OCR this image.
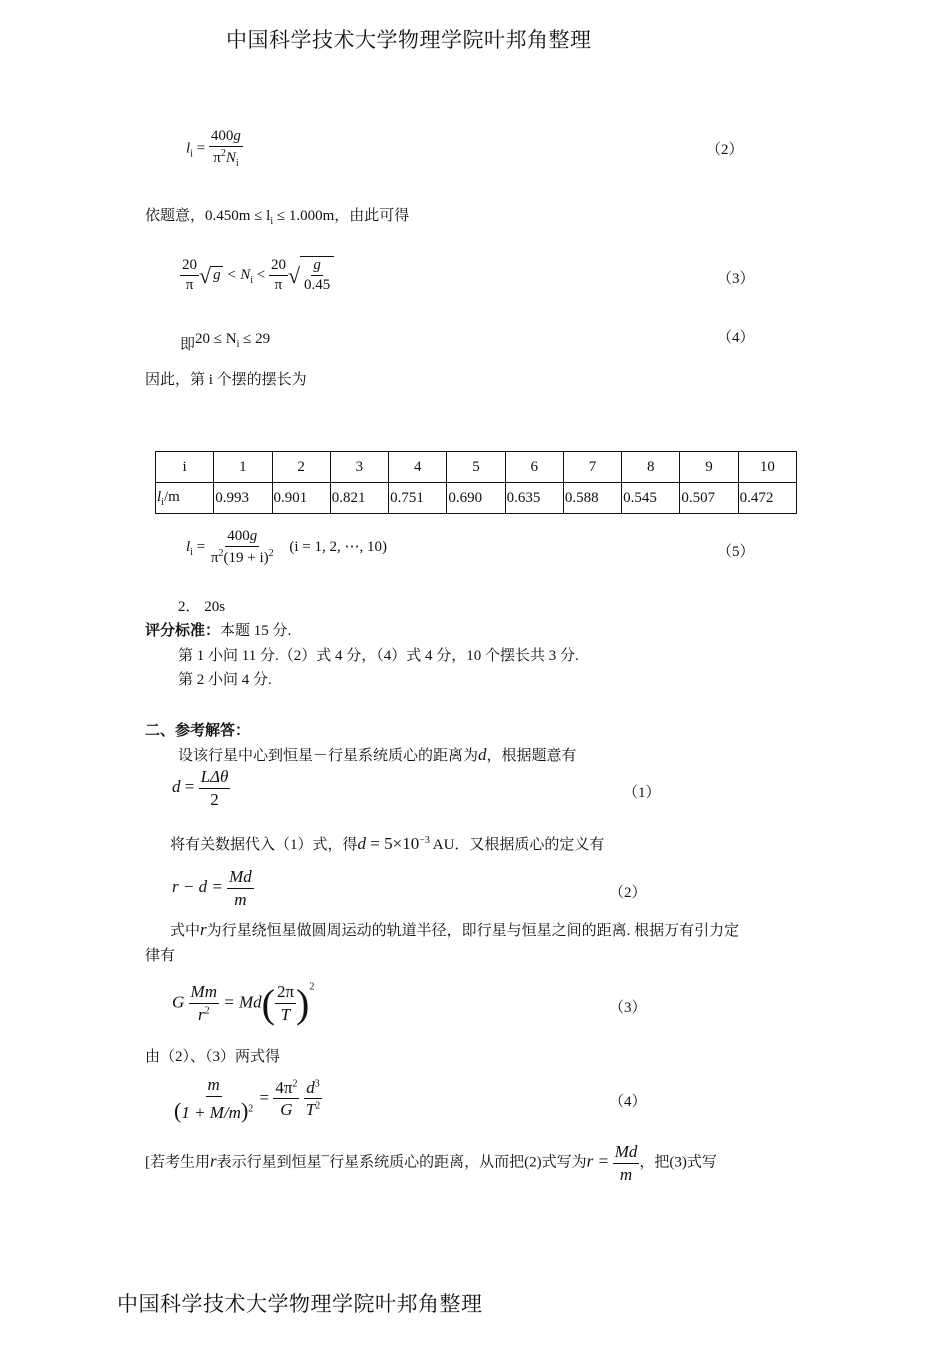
中国科学技术大学物理学院叶邦角整理
$l_i = \frac{400g}{\pi^2N_i}$	（2）
依题意，$0.450m \le l_i \le 1.000m$，由此可得
$\frac{20}{\pi}$ √ $g < N_i < \frac{20}{\pi}$ √ $\frac{g}{0.45}$	（3）
即$20 \le N_i \le 29$	（4）
因此，第 i 个摆的摆长为
i	1	2	3	4	5	6	7	8	9	10
$l_i/m$	0.993	0.901	0.821	0.751	0.690	0.635	0.588	0.545	0.507	0.472
$l_i = \frac{400g}{\pi^2(19 + i)^2} (i = 1$, 2, ⋯, 10)	（5）
2． 20s
评分标准：本题 15 分.
第 1 小问 11 分.（2）式 4 分，（4）式 4 分，10 个摆长共 3 分.
第 2 小问 4 分.
二、参考解答：
设该行星中心到恒星－行星系统质心的距离为d，根据题意有
$d = \frac{\text{LΔθ}}{2}$	（1）
将有关数据代入（1）式，得$d = 5\times 10^{-3}$ AU．又根据质心的定义有
$r - d = \frac{Md}{m}$	（2）
式中r为行星绕恒星做圆周运动的轨道半径，即行星与恒星之间的距离. 根据万有引力定
律有
G $\frac{Mm}{r^2} = Md( \frac{2\pi}{T} )^2$
（3）
由（2）、（3）两式得
$\frac{m}{(1 + M/m)^2} = \frac{4\pi^2}{G}$
$\frac{d^3}{T^2}$	（4）
[若考生用r表示行星到恒星¯行星系统质心的距离，从而把(2)式写为$r = \frac{Md}{m}$ ，把(3)式写
中国科学技术大学物理学院叶邦角整理
